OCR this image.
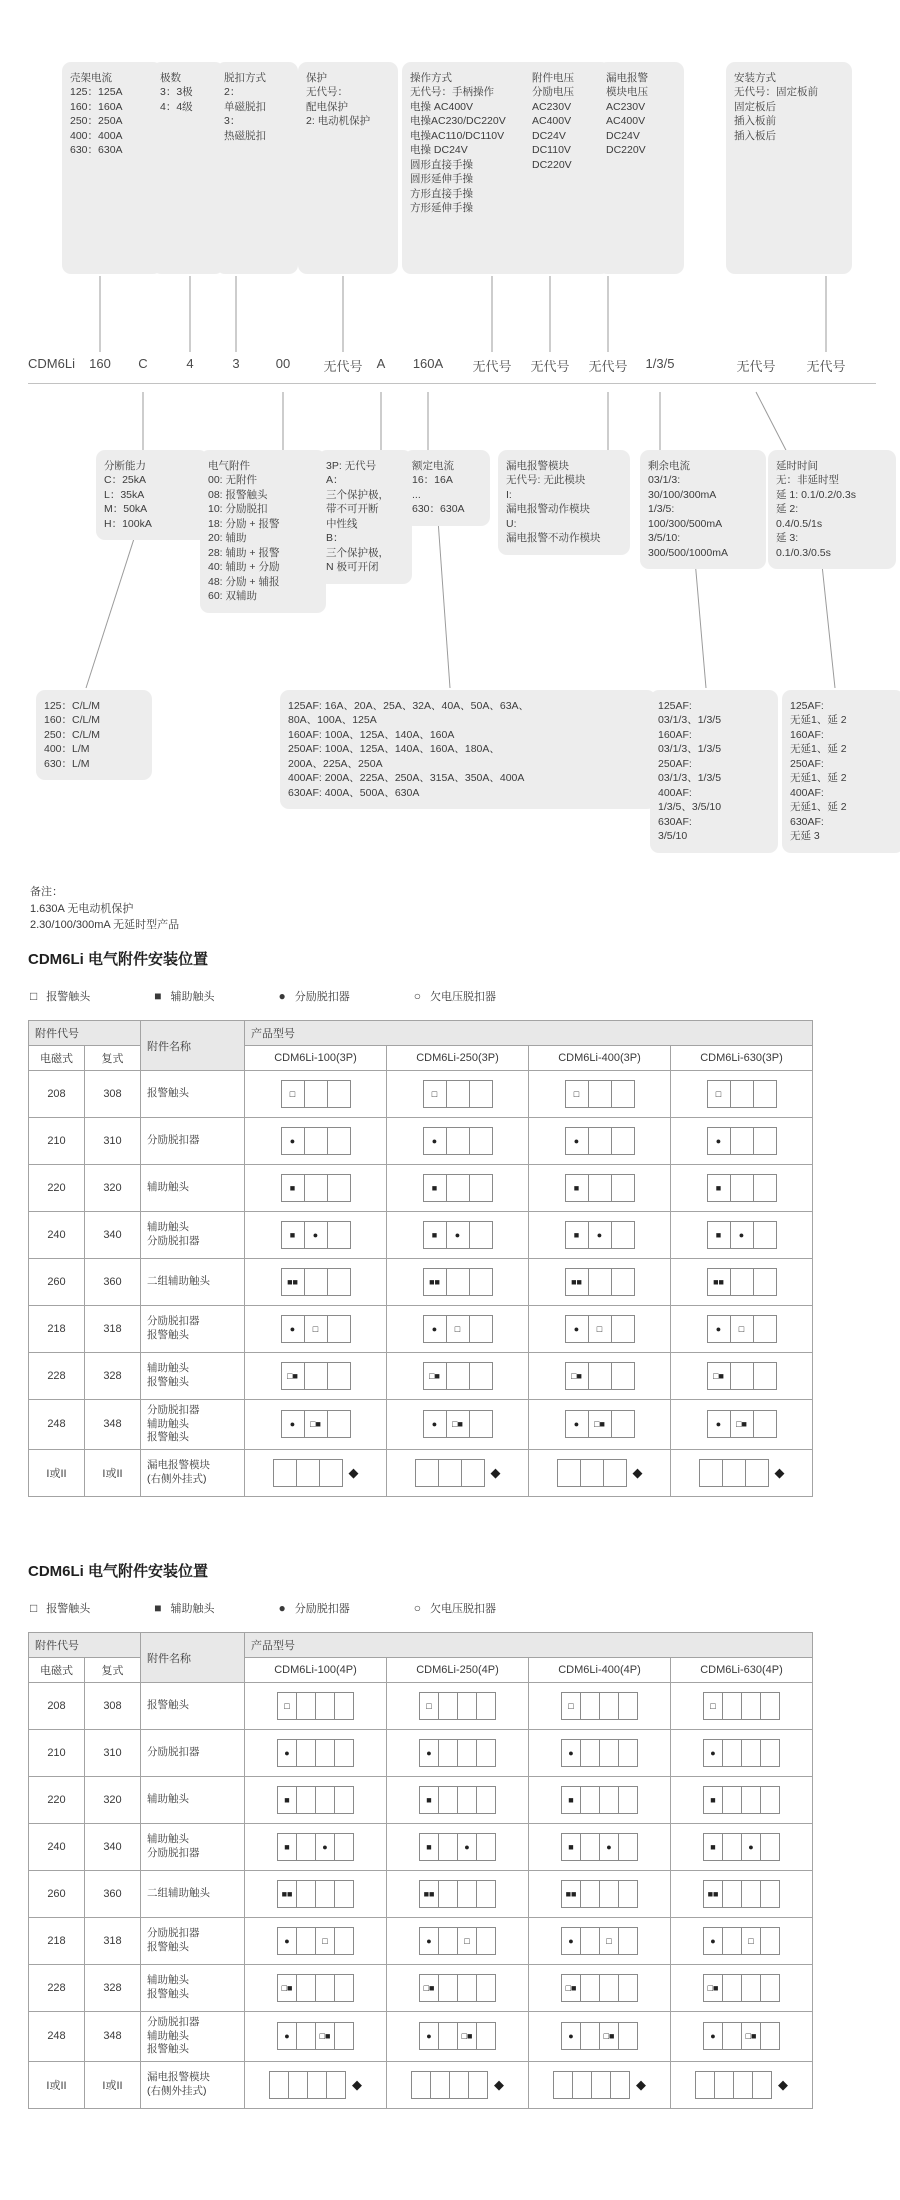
壳架电流
125：125A
160：160A
250：250A
400：400A
630：630A
极数
3：3极
4：4级
脱扣方式
2：
单磁脱扣
3：
热磁脱扣
保护
无代号：
配电保护
2: 电动机保护
操作方式
无代号：手柄操作
电操 AC400V
电操AC230/DC220V
电操AC110/DC110V
电操 DC24V
圆形直接手操
圆形延伸手操
方形直接手操
方形延伸手操
附件电压
分励电压
AC230V
AC400V
DC24V
DC110V
DC220V
漏电报警
模块电压
AC230V
AC400V
DC24V
DC220V
安装方式
无代号：固定板前
固定板后
插入板前
插入板后
CDM6Li 160 C	4	3	00	无代号 A 160A 无代号 无代号 无代号 1/3/5	无代号 无代号
分断能力
C：25kA
L：35kA
M：50kA
H：100kA
电气附件
00: 无附件
08: 报警触头
10: 分励脱扣
18: 分励 + 报警
20: 辅助
28: 辅助 + 报警
40: 辅助 + 分励
48: 分励 + 辅报
60: 双辅助
3P: 无代号
A：
三个保护极，
带不可开断
中性线
B：
三个保护极，
N 极可开闭
额定电流
16：16A
...
630：630A
漏电报警模块
无代号: 无此模块
I:
漏电报警动作模块
U:
漏电报警不动作模块
剩余电流
03/1/3:
30/100/300mA
1/3/5:
100/300/500mA
3/5/10:
300/500/1000mA
延时时间
无：非延时型
延 1: 0.1/0.2/0.3s
延 2:
0.4/0.5/1s
延 3:
0.1/0.3/0.5s
125：C/L/M
160：C/L/M
250：C/L/M
400：L/M
630：L/M
125AF: 16A、20A、25A、32A、40A、50A、63A、
80A、100A、125A
160AF: 100A、125A、140A、160A
250AF: 100A、125A、140A、160A、180A、
200A、225A、250A
400AF: 200A、225A、250A、315A、350A、400A
630AF: 400A、500A、630A
125AF:
03/1/3、1/3/5
160AF:
03/1/3、1/3/5
250AF:
03/1/3、1/3/5
400AF:
1/3/5、3/5/10
630AF:
3/5/10
125AF:
无延1、延 2
160AF:
无延1、延 2
250AF:
无延1、延 2
400AF:
无延1、延 2
630AF:
无延 3
备注：
1.630A 无电动机保护
2.30/100/300mA 无延时型产品
CDM6Li 电气附件安装位置
□ 报警触头	■ 辅助触头	● 分励脱扣器	○ 欠电压脱扣器
附件代号		附件名称	产品型号			
电磁式	复式		CDM6Li-100(3P)	CDM6Li-250(3P)	CDM6Li-400(3P)	CDM6Li-630(3P)
208	308	报警触头	□	□	□	□

210	310	分励脱扣器	●	●	●	●

220	320	辅助触头	■	■	■	■

240	340	辅助触头
分励脱扣器	■	●	■	●	■	●	■	●

260	360	二组辅助触头	■■	■■	■■	■■

218	318	分励脱扣器
报警触头	●	□	●	□	●	□	●	□

228	328	辅助触头
报警触头	□■	□■	□■	□■

248	348	分励脱扣器
辅助触头
报警触头	
●	□■	●	□■	●	□■	●	□■

I或II	I或II	漏电报警模块
(右侧外挂式)	◆	◆	◆	◆
CDM6Li 电气附件安装位置
□ 报警触头	■ 辅助触头	● 分励脱扣器	○ 欠电压脱扣器
附件代号		附件名称	产品型号			
电磁式	复式		CDM6Li-100(4P)	CDM6Li-250(4P)	CDM6Li-400(4P)	CDM6Li-630(4P)
208	308	报警触头	□	□	□	□

210	310	分励脱扣器	●	●	●	●

220	320	辅助触头	■	■	■	■

240	340	辅助触头
分励脱扣器	■	●	■	●	■	●	■	●

260	360	二组辅助触头	■■	■■	■■	■■

218	318	分励脱扣器
报警触头	●	□	●	□	●	□	●	□

228	328	辅助触头
报警触头	□■	□■	□■	□■

248	348	分励脱扣器
辅助触头
报警触头	
●	□■	●	□■	●	□■	●	□■

I或II	I或II	漏电报警模块
(右侧外挂式)	◆	◆	◆	◆
